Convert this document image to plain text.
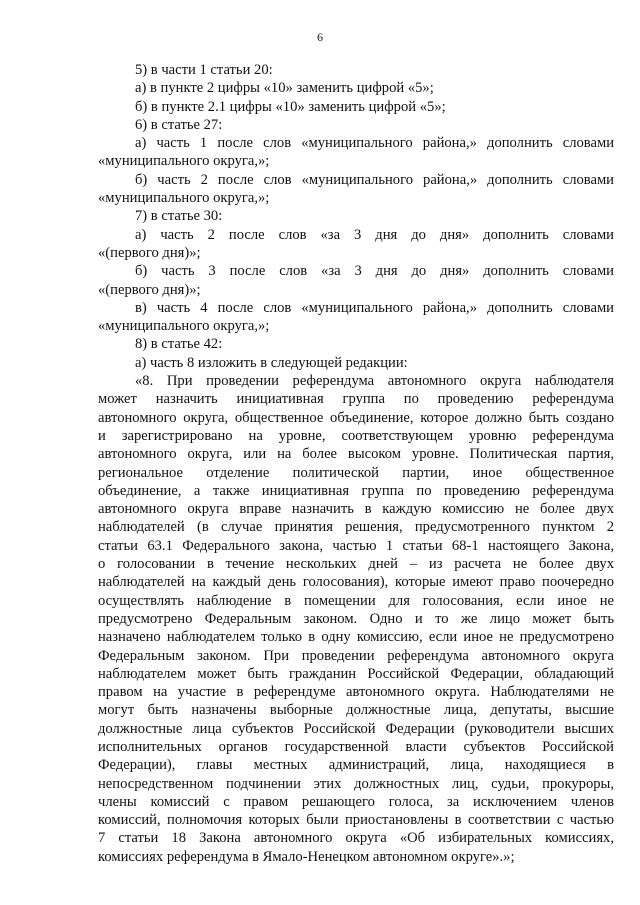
6
5) в части 1 статьи 20:
а) в пункте 2 цифры «10» заменить цифрой «5»;
б) в пункте 2.1 цифры «10» заменить цифрой «5»;
6) в статье 27:
а) часть 1 после слов «муниципального района,» дополнить словами
«муниципального округа,»;
б) часть 2 после слов «муниципального района,» дополнить словами
«муниципального округа,»;
7) в статье 30:
а) часть 2 после слов «за 3 дня до дня» дополнить словами
«(первого дня)»;
б) часть 3 после слов «за 3 дня до дня» дополнить словами
«(первого дня)»;
в) часть 4 после слов «муниципального района,» дополнить словами
«муниципального округа,»;
8) в статье 42:
а) часть 8 изложить в следующей редакции:
«8. При проведении референдума автономного округа наблюдателя
может назначить инициативная группа по проведению референдума
автономного округа, общественное объединение, которое должно быть создано
и зарегистрировано на уровне, соответствующем уровню референдума
автономного округа, или на более высоком уровне. Политическая партия,
региональное отделение политической партии, иное общественное
объединение, а также инициативная группа по проведению референдума
автономного округа вправе назначить в каждую комиссию не более двух
наблюдателей (в случае принятия решения, предусмотренного пунктом 2
статьи 63.1 Федерального закона, частью 1 статьи 68-1 настоящего Закона,
о голосовании в течение нескольких дней – из расчета не более двух
наблюдателей на каждый день голосования), которые имеют право поочередно
осуществлять наблюдение в помещении для голосования, если иное не
предусмотрено Федеральным законом. Одно и то же лицо может быть
назначено наблюдателем только в одну комиссию, если иное не предусмотрено
Федеральным законом. При проведении референдума автономного округа
наблюдателем может быть гражданин Российской Федерации, обладающий
правом на участие в референдуме автономного округа. Наблюдателями не
могут быть назначены выборные должностные лица, депутаты, высшие
должностные лица субъектов Российской Федерации (руководители высших
исполнительных органов государственной власти субъектов Российской
Федерации), главы местных администраций, лица, находящиеся в
непосредственном подчинении этих должностных лиц, судьи, прокуроры,
члены комиссий с правом решающего голоса, за исключением членов
комиссий, полномочия которых были приостановлены в соответствии с частью
7 статьи 18 Закона автономного округа «Об избирательных комиссиях,
комиссиях референдума в Ямало-Ненецком автономном округе».»;
